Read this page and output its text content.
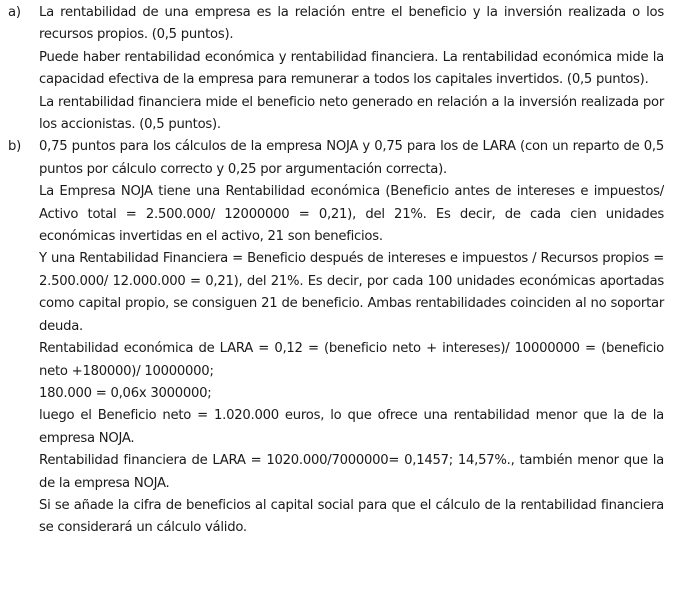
a) La rentabilidad de una empresa es la relación entre el beneficio y la inversión realizada o los recursos propios. (0,5 puntos).

Puede haber rentabilidad económica y rentabilidad financiera. La rentabilidad económica mide la capacidad efectiva de la empresa para remunerar a todos los capitales invertidos. (0,5 puntos).

La rentabilidad financiera mide el beneficio neto generado en relación a la inversión realizada por los accionistas. (0,5 puntos).

b) 0,75 puntos para los cálculos de la empresa NOJA y 0,75 para los de LARA (con un reparto de 0,5 puntos por cálculo correcto y 0,25 por argumentación correcta).

La Empresa NOJA tiene una Rentabilidad económica (Beneficio antes de intereses e impuestos/ Activo total = 2.500.000/ 12000000 = 0,21), del 21%. Es decir, de cada cien unidades económicas invertidas en el activo, 21 son beneficios.

Y una Rentabilidad Financiera = Beneficio después de intereses e impuestos / Recursos propios = 2.500.000/ 12.000.000 = 0,21), del 21%. Es decir, por cada 100 unidades económicas aportadas como capital propio, se consiguen 21 de beneficio. Ambas rentabilidades coinciden al no soportar deuda.

Rentabilidad económica de LARA = 0,12 = (beneficio neto + intereses)/ 10000000 = (beneficio neto +180000)/ 10000000;

180.000 = 0,06x 3000000;

luego el Beneficio neto = 1.020.000 euros, lo que ofrece una rentabilidad menor que la de la empresa NOJA.

Rentabilidad financiera de LARA = 1020.000/7000000= 0,1457; 14,57%., también menor que la de la empresa NOJA.

Si se añade la cifra de beneficios al capital social para que el cálculo de la rentabilidad financiera se considerará un cálculo válido.
